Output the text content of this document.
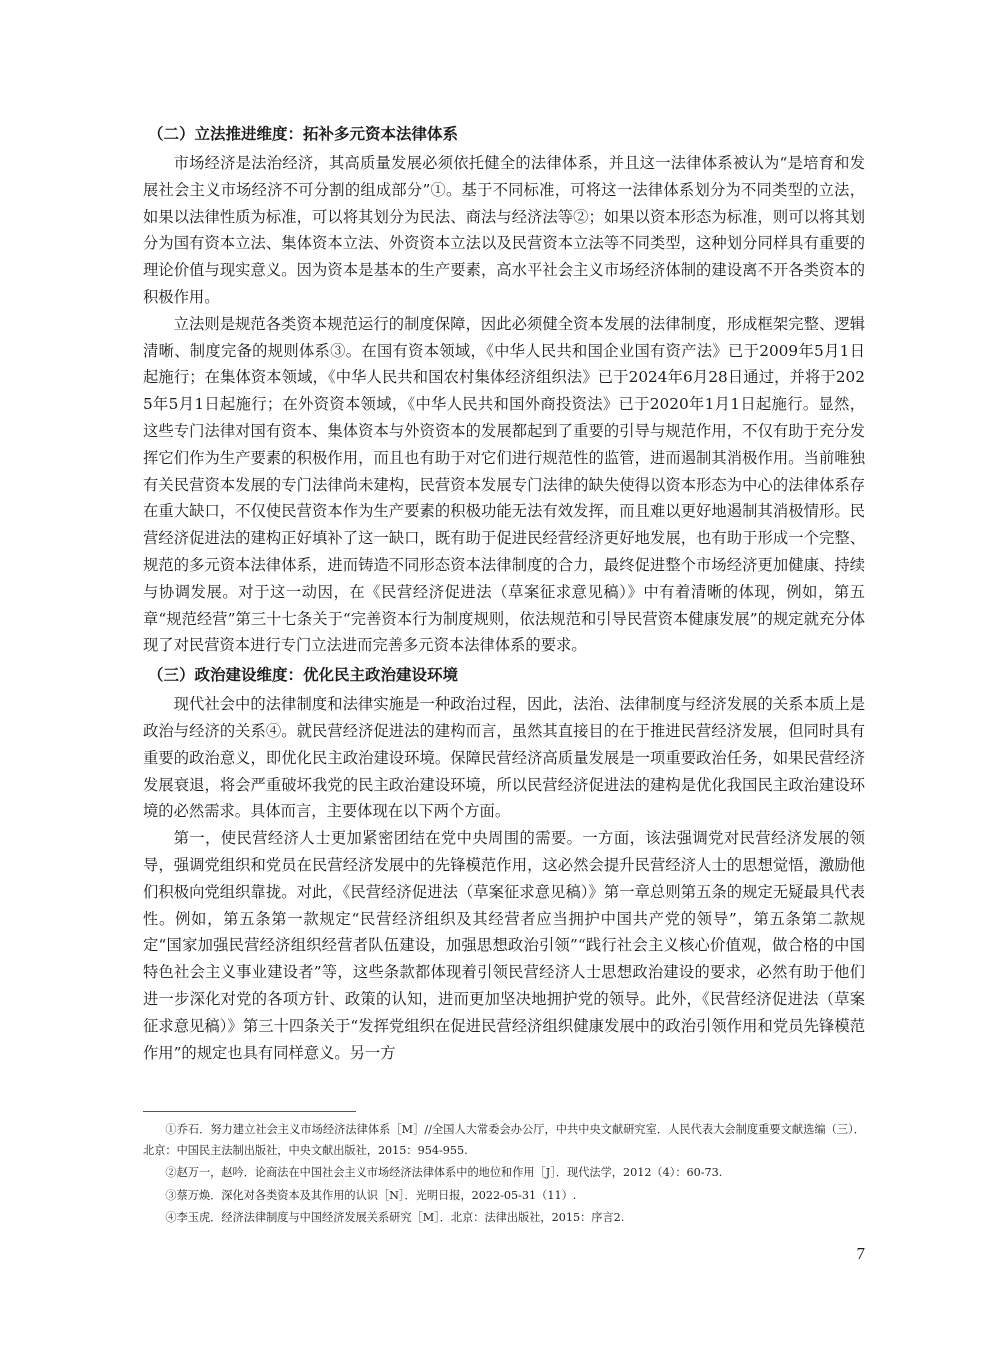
（二）立法推进维度：拓补多元资本法律体系

市场经济是法治经济，其高质量发展必须依托健全的法律体系，并且这一法律体系被认为“是培育和发展社会主义市场经济不可分割的组成部分”①。基于不同标准，可将这一法律体系划分为不同类型的立法，如果以法律性质为标准，可以将其划分为民法、商法与经济法等②；如果以资本形态为标准，则可以将其划分为国有资本立法、集体资本立法、外资资本立法以及民营资本立法等不同类型，这种划分同样具有重要的理论价值与现实意义。因为资本是基本的生产要素，高水平社会主义市场经济体制的建设离不开各类资本的积极作用。

立法则是规范各类资本规范运行的制度保障，因此必须健全资本发展的法律制度，形成框架完整、逻辑清晰、制度完备的规则体系③。在国有资本领域，《中华人民共和国企业国有资产法》已于2009年5月1日起施行；在集体资本领域，《中华人民共和国农村集体经济组织法》已于2024年6月28日通过，并将于2025年5月1日起施行；在外资资本领域，《中华人民共和国外商投资法》已于2020年1月1日起施行。显然，这些专门法律对国有资本、集体资本与外资资本的发展都起到了重要的引导与规范作用，不仅有助于充分发挥它们作为生产要素的积极作用，而且也有助于对它们进行规范性的监管，进而遏制其消极作用。当前唯独有关民营资本发展的专门法律尚未建构，民营资本发展专门法律的缺失使得以资本形态为中心的法律体系存在重大缺口，不仅使民营资本作为生产要素的积极功能无法有效发挥，而且难以更好地遏制其消极情形。民营经济促进法的建构正好填补了这一缺口，既有助于促进民经营经济更好地发展，也有助于形成一个完整、规范的多元资本法律体系，进而铸造不同形态资本法律制度的合力，最终促进整个市场经济更加健康、持续与协调发展。对于这一动因，在《民营经济促进法（草案征求意见稿）》中有着清晰的体现，例如，第五章“规范经营”第三十七条关于“完善资本行为制度规则，依法规范和引导民营资本健康发展”的规定就充分体现了对民营资本进行专门立法进而完善多元资本法律体系的要求。

（三）政治建设维度：优化民主政治建设环境

现代社会中的法律制度和法律实施是一种政治过程，因此，法治、法律制度与经济发展的关系本质上是政治与经济的关系④。就民营经济促进法的建构而言，虽然其直接目的在于推进民营经济发展，但同时具有重要的政治意义，即优化民主政治建设环境。保障民营经济高质量发展是一项重要政治任务，如果民营经济发展衰退，将会严重破坏我党的民主政治建设环境，所以民营经济促进法的建构是优化我国民主政治建设环境的必然需求。具体而言，主要体现在以下两个方面。

第一，使民营经济人士更加紧密团结在党中央周围的需要。一方面，该法强调党对民营经济发展的领导，强调党组织和党员在民营经济发展中的先锋模范作用，这必然会提升民营经济人士的思想觉悟，激励他们积极向党组织靠拢。对此，《民营经济促进法（草案征求意见稿）》第一章总则第五条的规定无疑最具代表性。例如，第五条第一款规定“民营经济组织及其经营者应当拥护中国共产党的领导”，第五条第二款规定“国家加强民营经济组织经营者队伍建设，加强思想政治引领”“践行社会主义核心价值观，做合格的中国特色社会主义事业建设者”等，这些条款都体现着引领民营经济人士思想政治建设的要求，必然有助于他们进一步深化对党的各项方针、政策的认知，进而更加坚决地拥护党的领导。此外，《民营经济促进法（草案征求意见稿）》第三十四条关于“发挥党组织在促进民营经济组织健康发展中的政治引领作用和党员先锋模范作用”的规定也具有同样意义。另一方

①乔石．努力建立社会主义市场经济法律体系［M］//全国人大常委会办公厅，中共中央文献研究室．人民代表大会制度重要文献选编（三）．北京：中国民主法制出版社，中央文献出版社，2015：954-955.

②赵万一，赵吟．论商法在中国社会主义市场经济法律体系中的地位和作用［J］．现代法学，2012（4）：60-73.

③蔡万焕．深化对各类资本及其作用的认识［N］．光明日报，2022-05-31（11）.

④李玉虎．经济法律制度与中国经济发展关系研究［M］．北京：法律出版社，2015：序言2.

7
